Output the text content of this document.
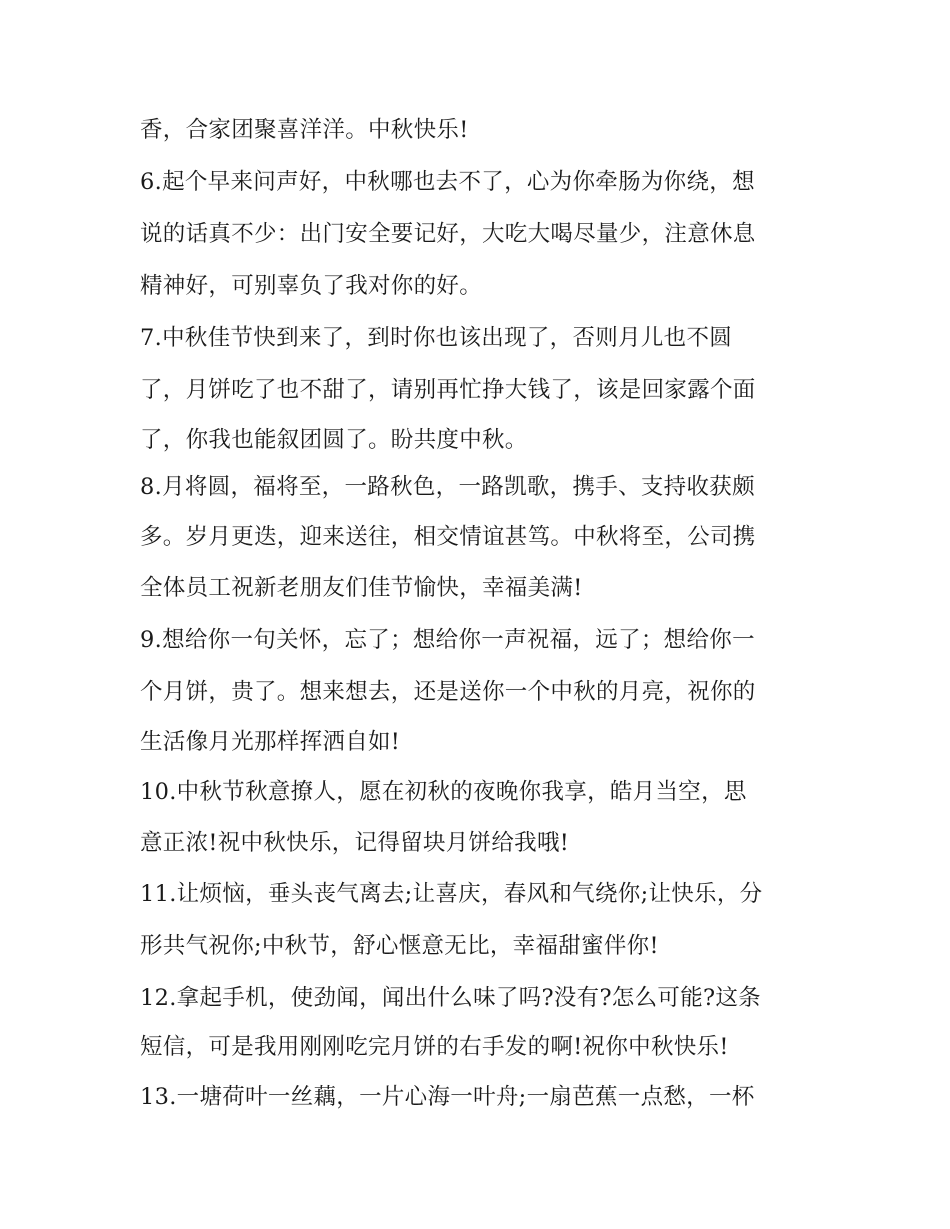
香，合家团聚喜洋洋。中秋快乐!

6.起个早来问声好，中秋哪也去不了，心为你牵肠为你绕，想

说的话真不少：出门安全要记好，大吃大喝尽量少，注意休息

精神好，可别辜负了我对你的好。

7.中秋佳节快到来了，到时你也该出现了，否则月儿也不圆

了，月饼吃了也不甜了，请别再忙挣大钱了，该是回家露个面

了，你我也能叙团圆了。盼共度中秋。

8.月将圆，福将至，一路秋色，一路凯歌，携手、支持收获颇

多。岁月更迭，迎来送往，相交情谊甚笃。中秋将至，公司携

全体员工祝新老朋友们佳节愉快，幸福美满!

9.想给你一句关怀，忘了；想给你一声祝福，远了；想给你一

个月饼，贵了。想来想去，还是送你一个中秋的月亮，祝你的

生活像月光那样挥洒自如!

10.中秋节秋意撩人，愿在初秋的夜晚你我享，皓月当空，思

意正浓!祝中秋快乐，记得留块月饼给我哦!

11.让烦恼，垂头丧气离去;让喜庆，春风和气绕你;让快乐，分

形共气祝你;中秋节，舒心惬意无比，幸福甜蜜伴你!

12.拿起手机，使劲闻，闻出什么味了吗?没有?怎么可能?这条

短信，可是我用刚刚吃完月饼的右手发的啊!祝你中秋快乐!

13.一塘荷叶一丝藕，一片心海一叶舟;一扇芭蕉一点愁，一杯
